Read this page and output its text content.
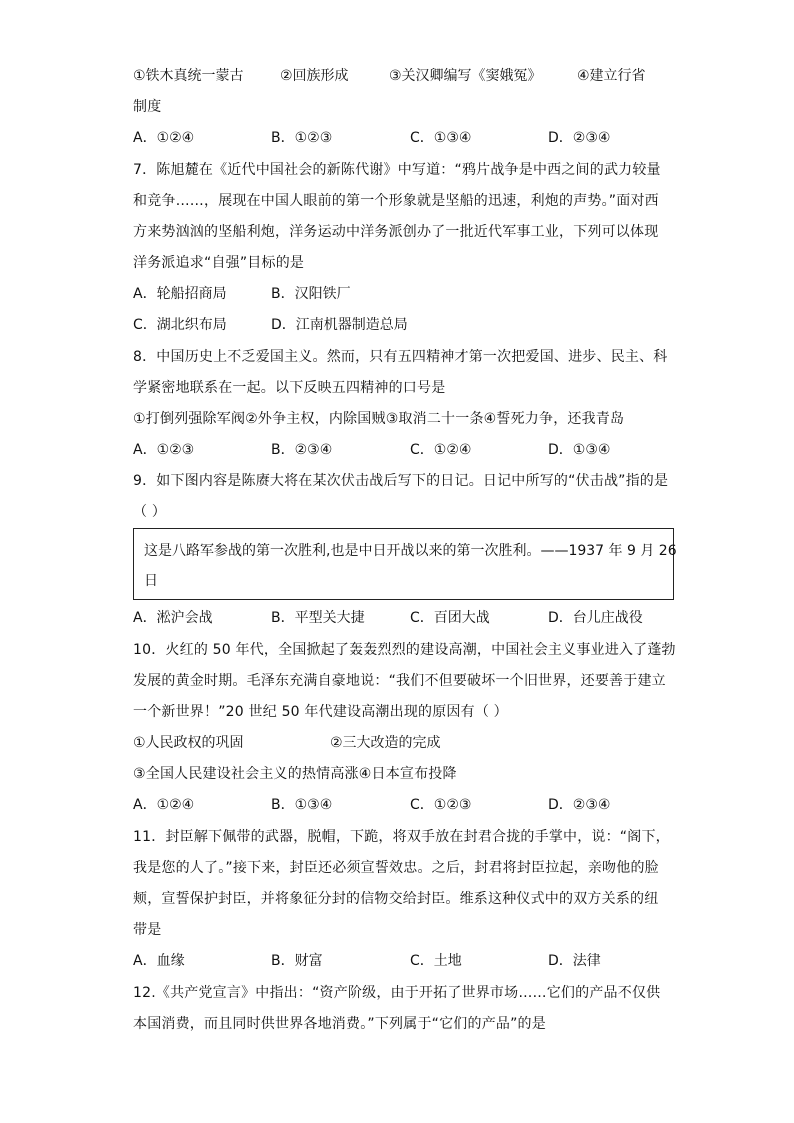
①铁木真统一蒙古	②回族形成	③关汉卿编写《窦娥冤》	④建立行省
制度
A．①②④	B．①②③	C．①③④	D．②③④
7．陈旭麓在《近代中国社会的新陈代谢》中写道：“鸦片战争是中西之间的武力较量
和竞争……，展现在中国人眼前的第一个形象就是坚船的迅速，利炮的声势。”面对西
方来势汹汹的坚船利炮，洋务运动中洋务派创办了一批近代军事工业，下列可以体现
洋务派追求“自强”目标的是
A．轮船招商局	B．汉阳铁厂
C．湖北织布局	D．江南机器制造总局
8．中国历史上不乏爱国主义。然而，只有五四精神才第一次把爱国、进步、民主、科
学紧密地联系在一起。以下反映五四精神的口号是
①打倒列强除军阀②外争主权，内除国贼③取消二十一条④誓死力争，还我青岛
A．①②③	B．②③④	C．①②④	D．①③④
9．如下图内容是陈赓大将在某次伏击战后写下的日记。日记中所写的“伏击战”指的是
（ ）
这是八路军参战的第一次胜利,也是中日开战以来的第一次胜利。——1937 年 9 月 26
日
A．淞沪会战	B．平型关大捷	C．百团大战	D．台儿庄战役
10．火红的 50 年代，全国掀起了轰轰烈烈的建设高潮，中国社会主义事业进入了蓬勃
发展的黄金时期。毛泽东充满自豪地说：“我们不但要破坏一个旧世界，还要善于建立
一个新世界！”20 世纪 50 年代建设高潮出现的原因有（ ）
①人民政权的巩固	②三大改造的完成
③全国人民建设社会主义的热情高涨④日本宣布投降
A．①②④	B．①③④	C．①②③	D．②③④
11．封臣解下佩带的武器，脱帽，下跪，将双手放在封君合拢的手掌中，说：“阁下，
我是您的人了。”接下来，封臣还必须宣誓效忠。之后，封君将封臣拉起，亲吻他的脸
颊，宣誓保护封臣，并将象征分封的信物交给封臣。维系这种仪式中的双方关系的纽
带是
A．血缘	B．财富	C．土地	D．法律
12.《共产党宣言》中指出：“资产阶级，由于开拓了世界市场……它们的产品不仅供
本国消费，而且同时供世界各地消费。”下列属于“它们的产品”的是
